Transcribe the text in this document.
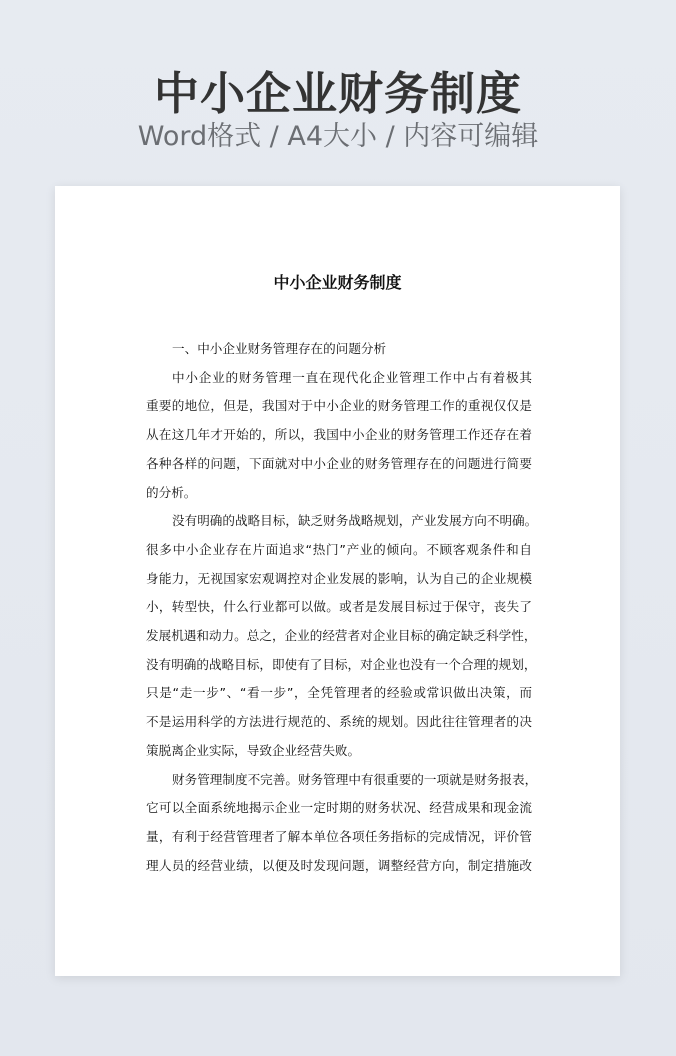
中小企业财务制度

Word格式 / A4大小 / 内容可编辑

中小企业财务制度

一、中小企业财务管理存在的问题分析

中小企业的财务管理一直在现代化企业管理工作中占有着极其
重要的地位，但是，我国对于中小企业的财务管理工作的重视仅仅是
从在这几年才开始的，所以，我国中小企业的财务管理工作还存在着
各种各样的问题，下面就对中小企业的财务管理存在的问题进行简要
的分析。
没有明确的战略目标，缺乏财务战略规划，产业发展方向不明确。
很多中小企业存在片面追求“热门”产业的倾向。不顾客观条件和自
身能力，无视国家宏观调控对企业发展的影响，认为自己的企业规模
小，转型快，什么行业都可以做。或者是发展目标过于保守，丧失了
发展机遇和动力。总之，企业的经营者对企业目标的确定缺乏科学性，
没有明确的战略目标，即使有了目标，对企业也没有一个合理的规划，
只是“走一步”、“看一步”，全凭管理者的经验或常识做出决策，而
不是运用科学的方法进行规范的、系统的规划。因此往往管理者的决
策脱离企业实际，导致企业经营失败。
财务管理制度不完善。财务管理中有很重要的一项就是财务报表，
它可以全面系统地揭示企业一定时期的财务状况、经营成果和现金流
量，有利于经营管理者了解本单位各项任务指标的完成情况，评价管
理人员的经营业绩，以便及时发现问题，调整经营方向，制定措施改
